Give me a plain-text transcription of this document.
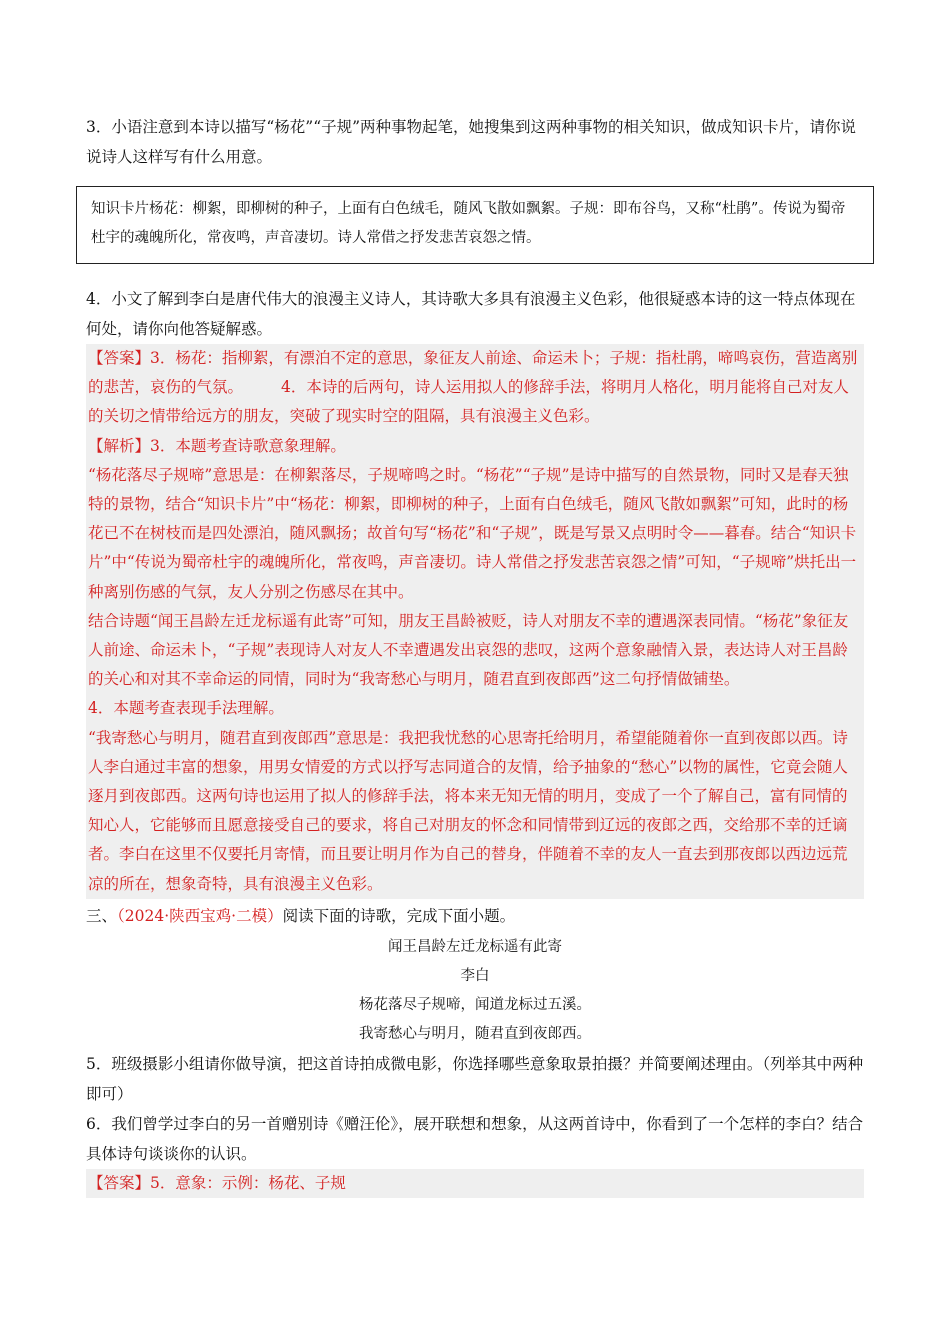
3．小语注意到本诗以描写“杨花”“子规”两种事物起笔，她搜集到这两种事物的相关知识，做成知识卡片，请你说说诗人这样写有什么用意。

知识卡片杨花：柳絮，即柳树的种子，上面有白色绒毛，随风飞散如飘絮。子规：即布谷鸟，又称“杜鹃”。传说为蜀帝杜宇的魂魄所化，常夜鸣，声音凄切。诗人常借之抒发悲苦哀怨之情。

4．小文了解到李白是唐代伟大的浪漫主义诗人，其诗歌大多具有浪漫主义色彩，他很疑惑本诗的这一特点体现在何处，请你向他答疑解惑。

【答案】3．杨花：指柳絮，有漂泊不定的意思，象征友人前途、命运未卜；子规：指杜鹃，啼鸣哀伤，营造离别的悲苦，哀伤的气氛。 4．本诗的后两句，诗人运用拟人的修辞手法，将明月人格化，明月能将自己对友人的关切之情带给远方的朋友，突破了现实时空的阻隔，具有浪漫主义色彩。

【解析】3．本题考查诗歌意象理解。

“杨花落尽子规啼”意思是：在柳絮落尽，子规啼鸣之时。“杨花”“子规”是诗中描写的自然景物，同时又是春天独特的景物，结合“知识卡片”中“杨花：柳絮，即柳树的种子，上面有白色绒毛，随风飞散如飘絮”可知，此时的杨花已不在树枝而是四处漂泊，随风飘扬；故首句写“杨花”和“子规”，既是写景又点明时令——暮春。结合“知识卡片”中“传说为蜀帝杜宇的魂魄所化，常夜鸣，声音凄切。诗人常借之抒发悲苦哀怨之情”可知，“子规啼”烘托出一种离别伤感的气氛，友人分别之伤感尽在其中。

结合诗题“闻王昌龄左迁龙标遥有此寄”可知，朋友王昌龄被贬，诗人对朋友不幸的遭遇深表同情。“杨花”象征友人前途、命运未卜，“子规”表现诗人对友人不幸遭遇发出哀怨的悲叹，这两个意象融情入景，表达诗人对王昌龄的关心和对其不幸命运的同情，同时为“我寄愁心与明月，随君直到夜郎西”这二句抒情做铺垫。

4．本题考查表现手法理解。

“我寄愁心与明月，随君直到夜郎西”意思是：我把我忧愁的心思寄托给明月，希望能随着你一直到夜郎以西。诗人李白通过丰富的想象，用男女情爱的方式以抒写志同道合的友情，给予抽象的“愁心”以物的属性，它竟会随人逐月到夜郎西。这两句诗也运用了拟人的修辞手法，将本来无知无情的明月，变成了一个了解自己，富有同情的知心人，它能够而且愿意接受自己的要求，将自己对朋友的怀念和同情带到辽远的夜郎之西，交给那不幸的迁谪者。李白在这里不仅要托月寄情，而且要让明月作为自己的替身，伴随着不幸的友人一直去到那夜郎以西边远荒凉的所在，想象奇特，具有浪漫主义色彩。

三、（2024·陕西宝鸡·二模）阅读下面的诗歌，完成下面小题。

闻王昌龄左迁龙标遥有此寄
李白
杨花落尽子规啼，闻道龙标过五溪。
我寄愁心与明月，随君直到夜郎西。

5．班级摄影小组请你做导演，把这首诗拍成微电影，你选择哪些意象取景拍摄？并简要阐述理由。（列举其中两种即可）

6．我们曾学过李白的另一首赠别诗《赠汪伦》，展开联想和想象，从这两首诗中，你看到了一个怎样的李白？结合具体诗句谈谈你的认识。

【答案】5．意象：示例：杨花、子规
